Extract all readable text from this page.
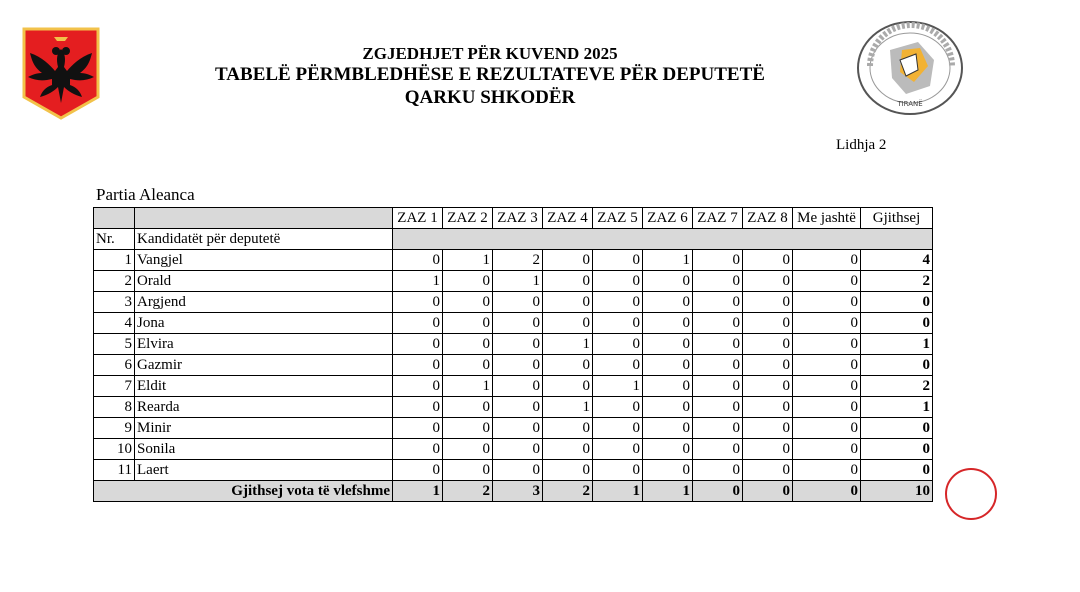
TIRANË
ZGJEDHJET PËR KUVEND 2025
TABELË PËRMBLEDHËSE E REZULTATEVE PËR DEPUTETË
QARKU SHKODËR
Lidhja 2
Partia Aleanca
		ZAZ 1	ZAZ 2	ZAZ 3	ZAZ 4	ZAZ 5	ZAZ 6	ZAZ 7	ZAZ 8	Me jashtë	Gjithsej
Nr.	Kandidatët për deputetë										
1	Vangjel	0	1	2	0	0	1	0	0	0	4
2	Orald	1	0	1	0	0	0	0	0	0	2
3	Argjend	0	0	0	0	0	0	0	0	0	0
4	Jona	0	0	0	0	0	0	0	0	0	0
5	Elvira	0	0	0	1	0	0	0	0	0	1
6	Gazmir	0	0	0	0	0	0	0	0	0	0
7	Eldit	0	1	0	0	1	0	0	0	0	2
8	Rearda	0	0	0	1	0	0	0	0	0	1
9	Minir	0	0	0	0	0	0	0	0	0	0
10	Sonila	0	0	0	0	0	0	0	0	0	0
11	Laert	0	0	0	0	0	0	0	0	0	0
Gjithsej vota të vlefshme		1	2	3	2	1	1	0	0	0	10
